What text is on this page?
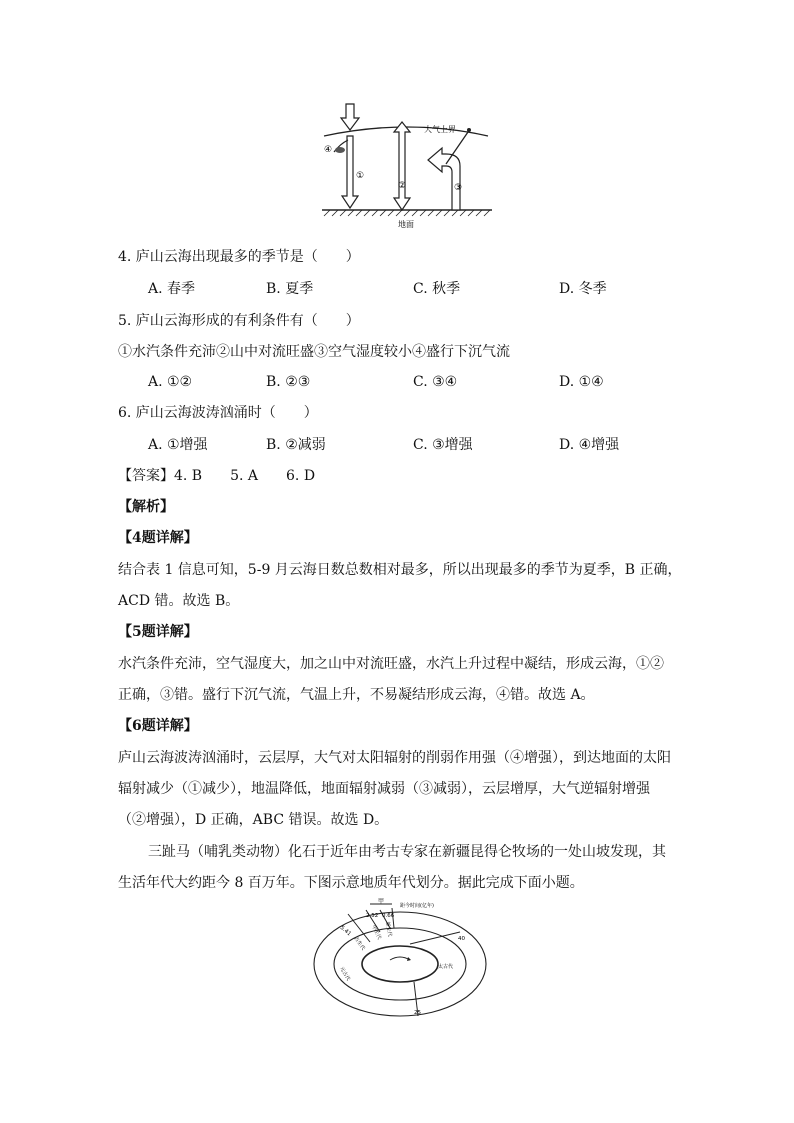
大气上界
地面
①
④
②	③
4. 庐山云海出现最多的季节是（　　）
A. 春季	B. 夏季	C. 秋季	D. 冬季
5. 庐山云海形成的有利条件有（　　）
①水汽条件充沛②山中对流旺盛③空气湿度较小④盛行下沉气流
A. ①②	B. ②③	C. ③④	D. ①④
6. 庐山云海波涛汹涌时（　　）
A. ①增强	B. ②减弱	C. ③增强	D. ④增强
【答案】4. B　　5. A　　6. D
【解析】
【4题详解】
结合表 1 信息可知，5-9 月云海日数总数相对最多，所以出现最多的季节为夏季，B 正确，
ACD 错。故选 B。
【5题详解】
水汽条件充沛，空气湿度大，加之山中对流旺盛，水汽上升过程中凝结，形成云海，①②
正确，③错。盛行下沉气流，气温上升，不易凝结形成云海，④错。故选 A。
【6题详解】
庐山云海波涛汹涌时，云层厚，大气对太阳辐射的削弱作用强（④增强），到达地面的太阳
辐射减少（①减少），地温降低，地面辐射减弱（③减弱），云层增厚，大气逆辐射增强
（②增强），D 正确，ABC 错误。故选 D。
三趾马（哺乳类动物）化石于近年由考古专家在新疆昆得仑牧场的一处山坡发现，其
生活年代大约距今 8 百万年。下图示意地质年代划分。据此完成下面小题。
甲
距今时间(亿年)
5.41
2.52 0.66
40
25
古生代
中生代 新生代
元古代	太古代
